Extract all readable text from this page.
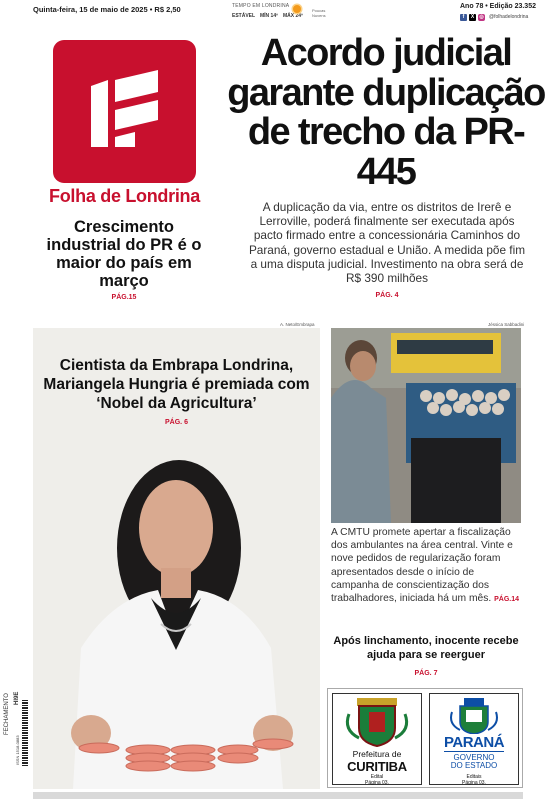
Quinta-feira, 15 de maio de 2025 • R$ 2,50	TEMPO EM LONDRINA
ESTÁVEL MÍN 14º MÁX 24º
Poucas Nuvens
Ano 78 • Edição 23.352
f	X	◎ @folhadelondrina
Folha de Londrina
Crescimento industrial do PR é o maior do país em março
PÁG.15
Acordo judicial garante duplicação de trecho da PR-445
A duplicação da via, entre os distritos de Irerê e Lerroville, poderá finalmente ser executada após pacto firmado entre a concessionária Caminhos do Paraná, governo estadual e União. A medida põe fim a uma disputa judicial. Investimento na obra será de R$ 390 milhões
PÁG. 4
A. Neto/Embrapa
Cientista da Embrapa Londrina, Mariangela Hungria é premiada com ‘Nobel da Agricultura’
PÁG. 6
Jéssica Sabbadini
A CMTU promete apertar a fiscalização dos ambulantes na área central. Vinte e nove pedidos de regularização foram apresentados desde o início de campanha de conscientização dos trabalhadores, iniciada há um mês. PÁG.14
Após linchamento, inocente recebe ajuda para se reerguer
PÁG. 7
Prefeitura de
CURITIBA
Edital
Página 03.
PARANÁ
GOVERNO
DO ESTADO
Editais
Página 03.
FECHAMENTO HI9E
ISSN 1518-0883
